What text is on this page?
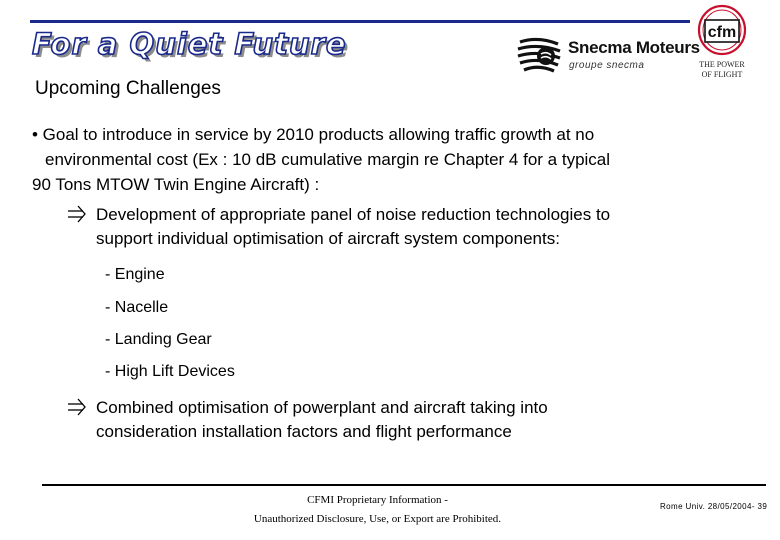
For a Quiet Future	Snecma Moteurs
groupe snecma
cfm
THE POWER
OF FLIGHT
Upcoming Challenges

• Goal to introduce in service by 2010 products allowing traffic growth at no

environmental cost (Ex : 10 dB cumulative margin re Chapter 4 for a typical

90 Tons MTOW Twin Engine Aircraft) :

Development of appropriate panel of noise reduction technologies to
support individual optimisation of aircraft system components:
- Engine
- Nacelle
- Landing Gear
- High Lift Devices
Combined optimisation of powerplant and aircraft taking into
consideration installation factors and flight performance
CFMI Proprietary Information -
Unauthorized Disclosure, Use, or Export are Prohibited.
Rome Univ. 28/05/2004- 39
